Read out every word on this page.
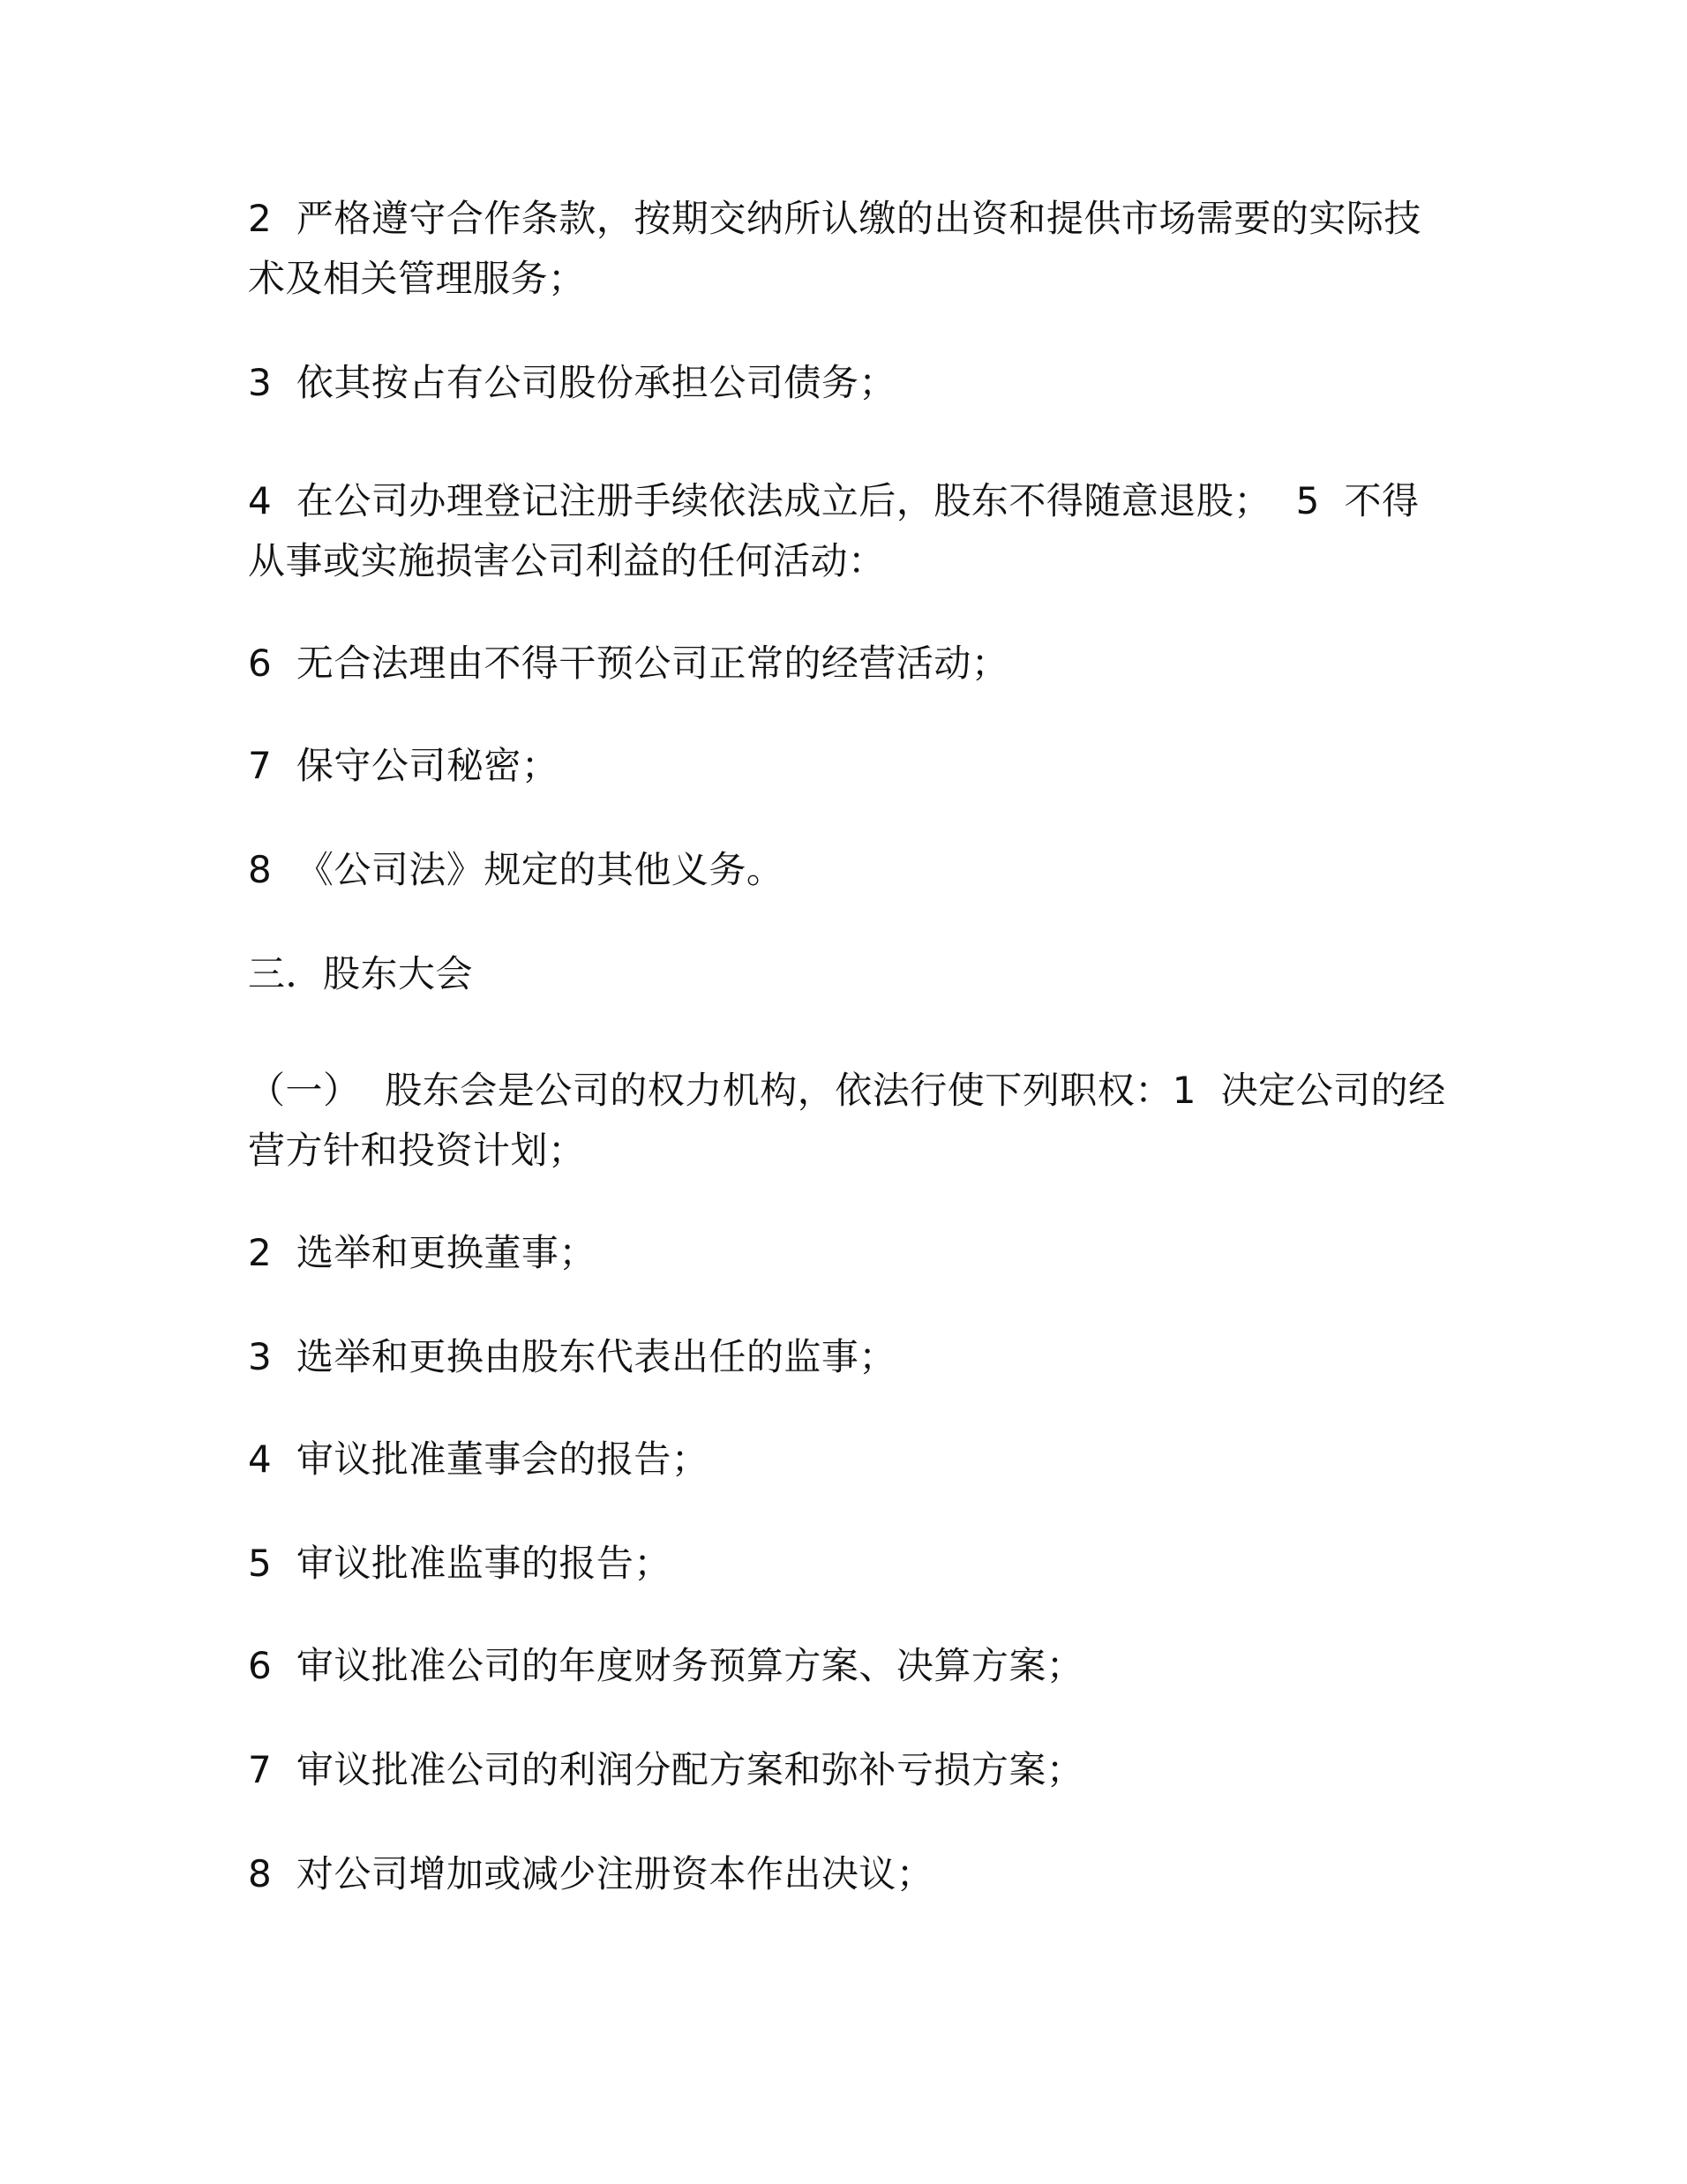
2  严格遵守合作条款，按期交纳所认缴的出资和提供市场需要的实际技术及相关管理服务；

3  依其按占有公司股份承担公司债务；

4  在公司办理登记注册手续依法成立后，股东不得随意退股；  5  不得  从事或实施损害公司利益的任何活动：

6  无合法理由不得干预公司正常的经营活动；

7  保守公司秘密；

8  《公司法》规定的其他义务。

三．股东大会

（一）  股东会是公司的权力机构，依法行使下列职权：1  决定公司的经营方针和投资计划；

2  选举和更换董事；

3  选举和更换由股东代表出任的监事；

4  审议批准董事会的报告；

5  审议批准监事的报告；

6  审议批准公司的年度财务预算方案、决算方案；

7  审议批准公司的利润分配方案和弥补亏损方案；

8  对公司增加或减少注册资本作出决议；
